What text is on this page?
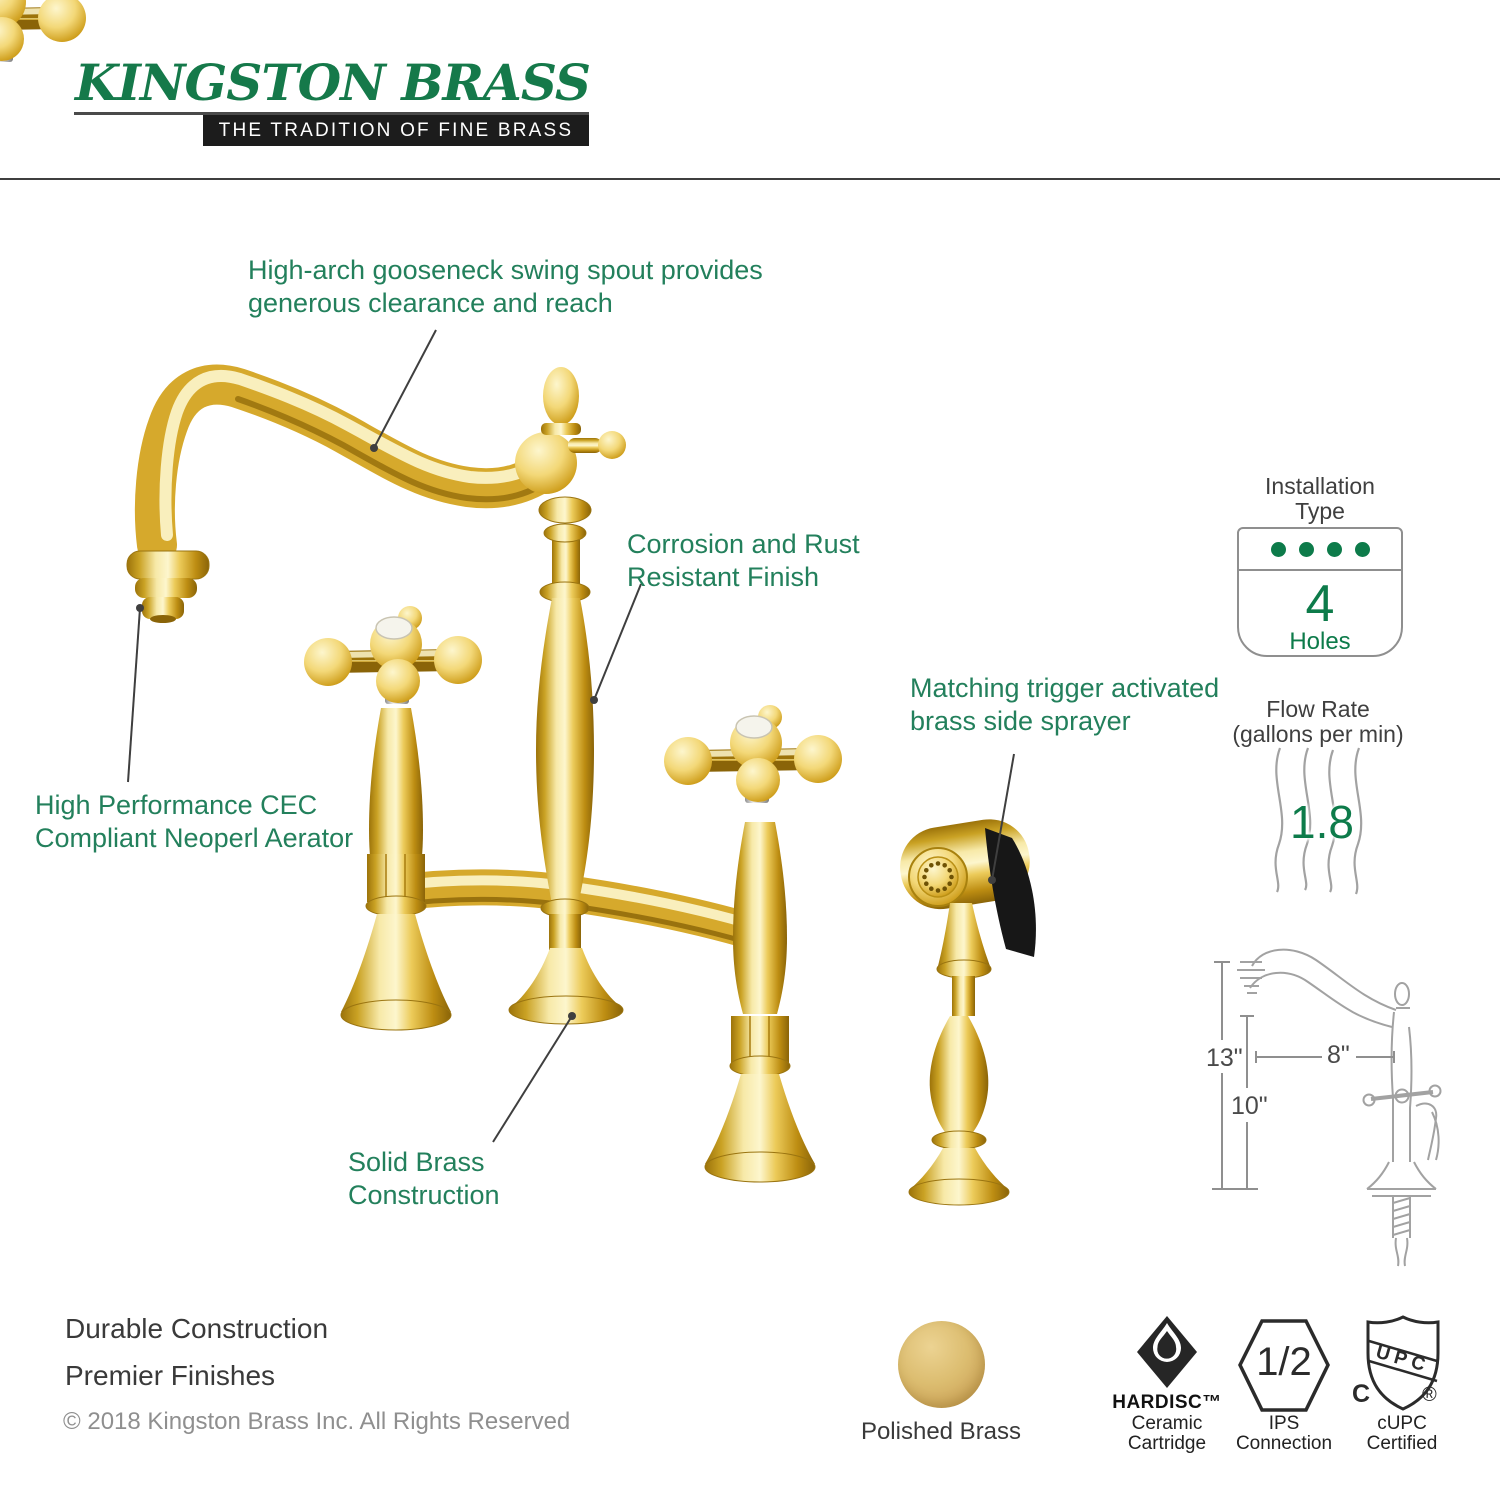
KINGSTON BRASS
THE TRADITION OF FINE BRASS
High-arch gooseneck swing spout provides
generous clearance and reach
Corrosion and Rust
Resistant Finish
High Performance CEC
Compliant Neoperl Aerator
Matching trigger activated
brass side sprayer
Solid Brass
Construction
Installation
Type
4
Holes
Flow Rate
(gallons per min)
1.8
13"	8"
10"
Durable Construction
Premier Finishes
© 2018 Kingston Brass Inc. All Rights Reserved	Polished Brass
HARDISC™
Ceramic
Cartridge
1/2
IPS
Connection
UPC
C	®
cUPC
Certified
